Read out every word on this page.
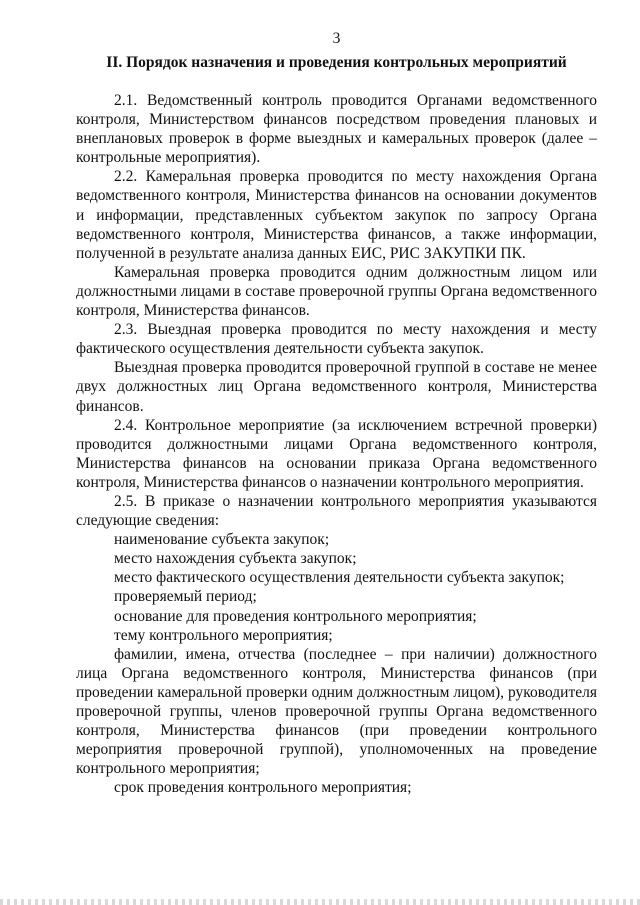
3
II. Порядок назначения и проведения контрольных мероприятий

2.1. Ведомственный контроль проводится Органами ведомственного контроля, Министерством финансов посредством проведения плановых и внеплановых проверок в форме выездных и камеральных проверок (далее – контрольные мероприятия).

2.2. Камеральная проверка проводится по месту нахождения Органа ведомственного контроля, Министерства финансов на основании документов и информации, представленных субъектом закупок по запросу Органа ведомственного контроля, Министерства финансов, а также информации, полученной в результате анализа данных ЕИС, РИС ЗАКУПКИ ПК.

Камеральная проверка проводится одним должностным лицом или должностными лицами в составе проверочной группы Органа ведомственного контроля, Министерства финансов.

2.3. Выездная проверка проводится по месту нахождения и месту фактического осуществления деятельности субъекта закупок.

Выездная проверка проводится проверочной группой в составе не менее двух должностных лиц Органа ведомственного контроля, Министерства финансов.

2.4. Контрольное мероприятие (за исключением встречной проверки) проводится должностными лицами Органа ведомственного контроля, Министерства финансов на основании приказа Органа ведомственного контроля, Министерства финансов о назначении контрольного мероприятия.

2.5. В приказе о назначении контрольного мероприятия указываются следующие сведения:

наименование субъекта закупок;

место нахождения субъекта закупок;

место фактического осуществления деятельности субъекта закупок;

проверяемый период;

основание для проведения контрольного мероприятия;

тему контрольного мероприятия;

фамилии, имена, отчества (последнее – при наличии) должностного лица Органа ведомственного контроля, Министерства финансов (при проведении камеральной проверки одним должностным лицом), руководителя проверочной группы, членов проверочной группы Органа ведомственного контроля, Министерства финансов (при проведении контрольного мероприятия проверочной группой), уполномоченных на проведение контрольного мероприятия;

срок проведения контрольного мероприятия;
